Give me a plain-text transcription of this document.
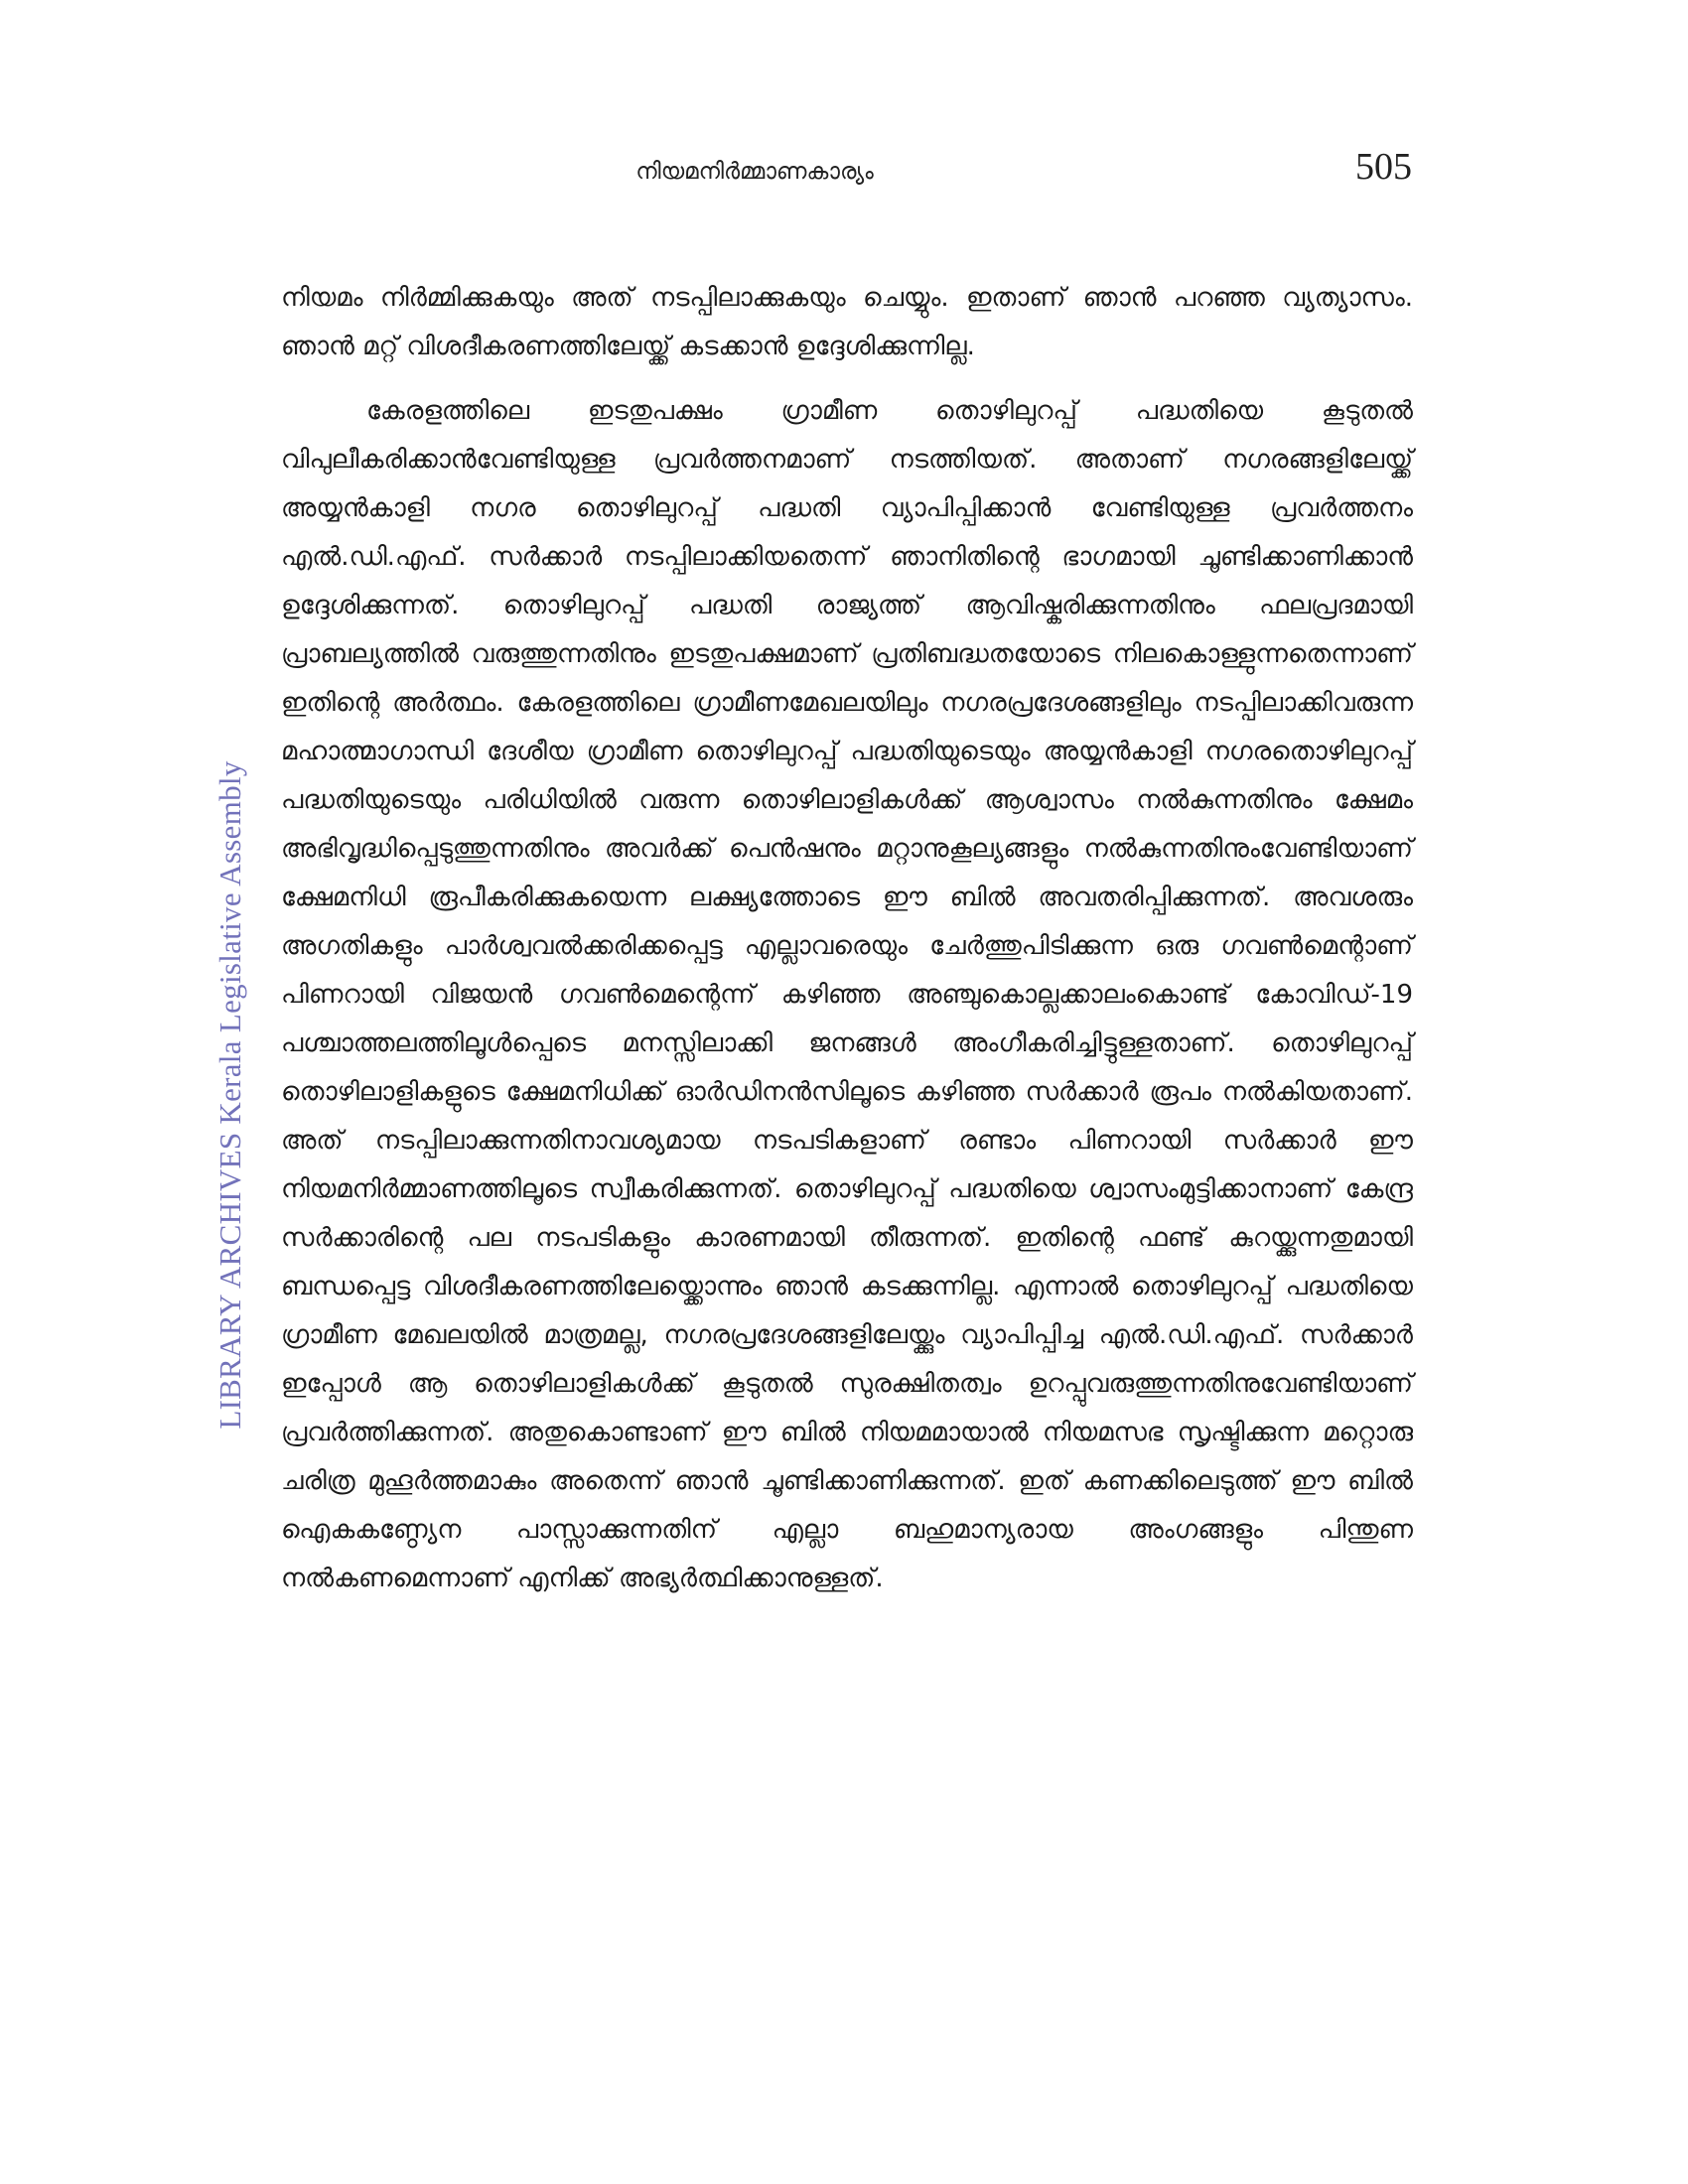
നിയമനിർമ്മാണകാര്യം	505
LIBRARY ARCHIVES Kerala Legislative Assembly

നിയമം നിർമ്മിക്കുകയും അത് നടപ്പിലാക്കുകയും ചെയ്യും. ഇതാണ് ഞാൻ പറഞ്ഞ വ്യത്യാസം. ഞാൻ മറ്റ് വിശദീകരണത്തിലേയ്ക്ക് കടക്കാൻ ഉദ്ദേശിക്കുന്നില്ല.

കേരളത്തിലെ ഇടതുപക്ഷം ഗ്രാമീണ തൊഴിലുറപ്പ് പദ്ധതിയെ കൂടുതൽ വിപുലീകരിക്കാൻവേണ്ടിയുള്ള പ്രവർത്തനമാണ് നടത്തിയത്. അതാണ് നഗരങ്ങളിലേയ്ക്ക് അയ്യൻകാളി നഗര തൊഴിലുറപ്പ് പദ്ധതി വ്യാപിപ്പിക്കാൻ വേണ്ടിയുള്ള പ്രവർത്തനം എൽ.ഡി.എഫ്. സർക്കാർ നടപ്പിലാക്കിയതെന്ന് ഞാനിതിന്റെ ഭാഗമായി ചൂണ്ടിക്കാണിക്കാൻ ഉദ്ദേശിക്കുന്നത്. തൊഴിലുറപ്പ് പദ്ധതി രാജ്യത്ത് ആവിഷ്കരിക്കുന്നതിനും ഫലപ്രദമായി പ്രാബല്യത്തിൽ വരുത്തുന്നതിനും ഇടതുപക്ഷമാണ് പ്രതിബദ്ധതയോടെ നിലകൊള്ളുന്നതെന്നാണ് ഇതിന്റെ അർത്ഥം. കേരളത്തിലെ ഗ്രാമീണമേഖലയിലും നഗരപ്രദേശങ്ങളിലും നടപ്പിലാക്കിവരുന്ന മഹാത്മാഗാന്ധി ദേശീയ ഗ്രാമീണ തൊഴിലുറപ്പ് പദ്ധതിയുടെയും അയ്യൻകാളി നഗരതൊഴിലുറപ്പ് പദ്ധതിയുടെയും പരിധിയിൽ വരുന്ന തൊഴിലാളികൾക്ക് ആശ്വാസം നൽകുന്നതിനും ക്ഷേമം അഭിവൃദ്ധിപ്പെടുത്തുന്നതിനും അവർക്ക് പെൻഷനും മറ്റാനുകൂല്യങ്ങളും നൽകുന്നതിനുംവേണ്ടിയാണ് ക്ഷേമനിധി രൂപീകരിക്കുകയെന്ന ലക്ഷ്യത്തോടെ ഈ ബിൽ അവതരിപ്പിക്കുന്നത്. അവശരും അഗതികളും പാർശ്വവൽക്കരിക്കപ്പെട്ട എല്ലാവരെയും ചേർത്തുപിടിക്കുന്ന ഒരു ഗവൺമെന്റാണ് പിണറായി വിജയൻ ഗവൺമെന്റെന്ന് കഴിഞ്ഞ അഞ്ചുകൊല്ലക്കാലംകൊണ്ട് കോവിഡ്-19 പശ്ചാത്തലത്തിലൂൾപ്പെടെ മനസ്സിലാക്കി ജനങ്ങൾ അംഗീകരിച്ചിട്ടുള്ളതാണ്. തൊഴിലുറപ്പ് തൊഴിലാളികളുടെ ക്ഷേമനിധിക്ക് ഓർഡിനൻസിലൂടെ കഴിഞ്ഞ സർക്കാർ രൂപം നൽകിയതാണ്. അത് നടപ്പിലാക്കുന്നതിനാവശ്യമായ നടപടികളാണ് രണ്ടാം പിണറായി സർക്കാർ ഈ നിയമനിർമ്മാണത്തിലൂടെ സ്വീകരിക്കുന്നത്. തൊഴിലുറപ്പ് പദ്ധതിയെ ശ്വാസംമുട്ടിക്കാനാണ് കേന്ദ്ര സർക്കാരിന്റെ പല നടപടികളും കാരണമായി തീരുന്നത്. ഇതിന്റെ ഫണ്ട് കുറയ്ക്കുന്നതുമായി ബന്ധപ്പെട്ട വിശദീകരണത്തിലേയ്ക്കൊന്നും ഞാൻ കടക്കുന്നില്ല. എന്നാൽ തൊഴിലുറപ്പ് പദ്ധതിയെ ഗ്രാമീണ മേഖലയിൽ മാത്രമല്ല, നഗരപ്രദേശങ്ങളിലേയ്ക്കും വ്യാപിപ്പിച്ച എൽ.ഡി.എഫ്. സർക്കാർ ഇപ്പോൾ ആ തൊഴിലാളികൾക്ക് കൂടുതൽ സുരക്ഷിതത്വം ഉറപ്പുവരുത്തുന്നതിനുവേണ്ടിയാണ് പ്രവർത്തിക്കുന്നത്. അതുകൊണ്ടാണ് ഈ ബിൽ നിയമമായാൽ നിയമസഭ സൃഷ്ടിക്കുന്ന മറ്റൊരു ചരിത്ര മുഹൂർത്തമാകും അതെന്ന് ഞാൻ ചൂണ്ടിക്കാണിക്കുന്നത്. ഇത് കണക്കിലെടുത്ത് ഈ ബിൽ ഐകകണ്ഠ്യേന പാസ്സാക്കുന്നതിന് എല്ലാ ബഹുമാന്യരായ അംഗങ്ങളും പിന്തുണ നൽകണമെന്നാണ് എനിക്ക് അഭ്യർത്ഥിക്കാനുള്ളത്.
